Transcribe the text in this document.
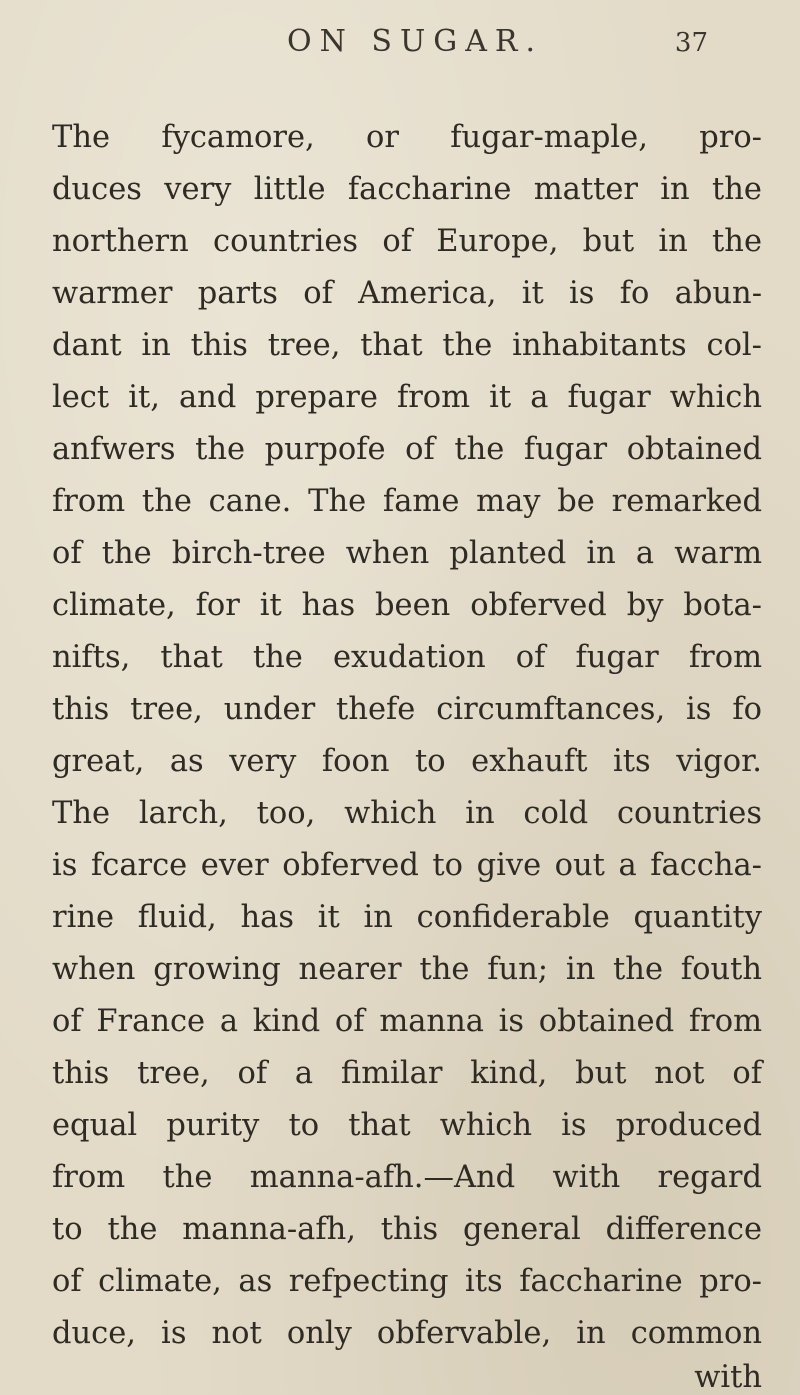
ON SUGAR.	37
The fycamore, or fugar-maple, pro-
duces very little faccharine matter in the
northern countries of Europe, but in the
warmer parts of America, it is fo abun-
dant in this tree, that the inhabitants col-
lect it, and prepare from it a fugar which
anfwers the purpofe of the fugar obtained
from the cane. The fame may be remarked
of the birch-tree when planted in a warm
climate, for it has been obferved by bota-
nifts, that the exudation of fugar from
this tree, under thefe circumftances, is fo
great, as very foon to exhauft its vigor.
The larch, too, which in cold countries
is fcarce ever obferved to give out a faccha-
rine fluid, has it in confiderable quantity
when growing nearer the fun; in the fouth
of France a kind of manna is obtained from
this tree, of a fimilar kind, but not of
equal purity to that which is produced
from the manna-afh.—And with regard
to the manna-afh, this general difference
of climate, as refpecting its faccharine pro-
duce, is not only obfervable, in common
with
